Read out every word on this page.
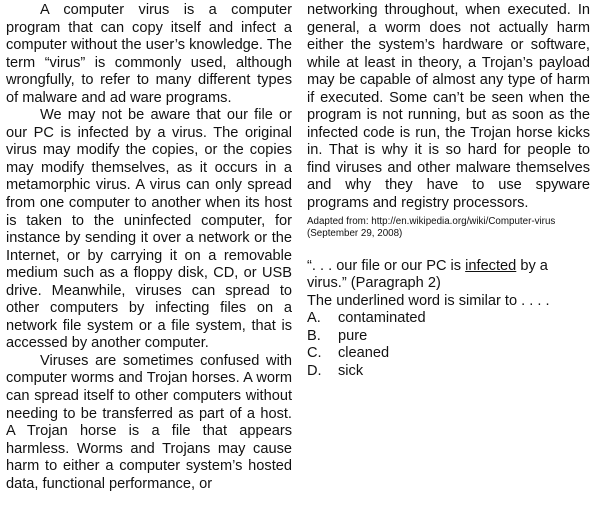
A computer virus is a computer program that can copy itself and infect a computer without the user’s knowledge. The term “virus” is commonly used, although wrongfully, to refer to many different types of malware and ad ware programs.

We may not be aware that our file or our PC is infected by a virus. The original virus may modify the copies, or the copies may modify themselves, as it occurs in a metamorphic virus. A virus can only spread from one computer to another when its host is taken to the uninfected computer, for instance by sending it over a network or the Internet, or by carrying it on a removable medium such as a floppy disk, CD, or USB drive. Meanwhile, viruses can spread to other computers by infecting files on a network file system or a file system, that is accessed by another computer.

Viruses are sometimes confused with computer worms and Trojan horses. A worm can spread itself to other computers without needing to be transferred as part of a host. A Trojan horse is a file that appears harmless. Worms and Trojans may cause harm to either a computer system’s hosted data, functional performance, or

networking throughout, when executed. In general, a worm does not actually harm either the system’s hardware or software, while at least in theory, a Trojan’s payload may be capable of almost any type of harm if executed. Some can’t be seen when the program is not running, but as soon as the infected code is run, the Trojan horse kicks in. That is why it is so hard for people to find viruses and other malware themselves and why they have to use spyware programs and registry processors.

Adapted from: http://en.wikipedia.org/wiki/Computer-virus (September 29, 2008)

“. . . our file or our PC is infected by a virus.” (Paragraph 2)

The underlined word is similar to . . . .

A.	contaminated
B.	pure
C.	cleaned
D.	sick
